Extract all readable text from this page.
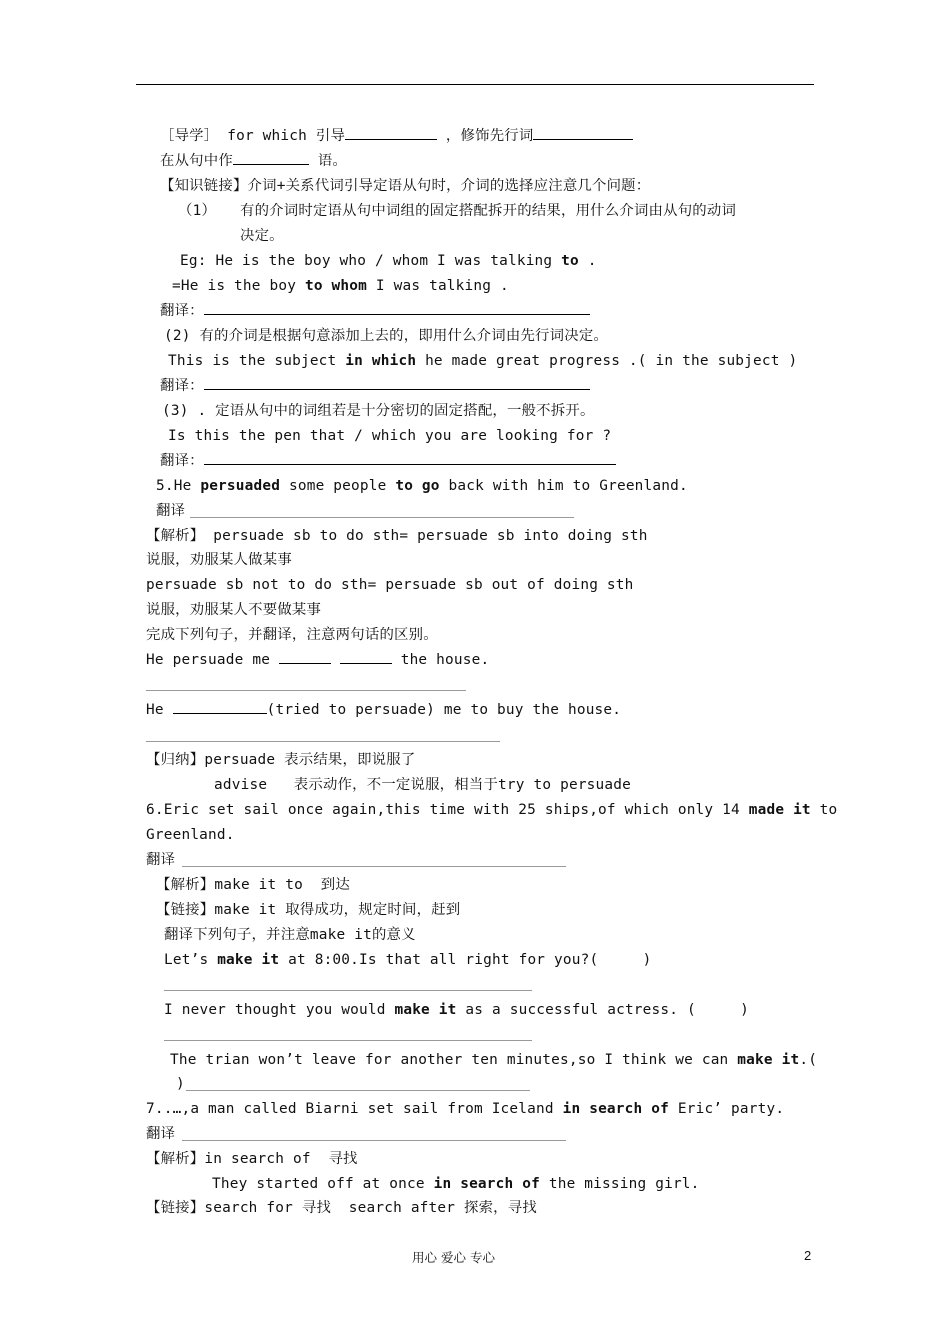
［导学］ for which 引导	，修饰先行词
在从句中作	语。
【知识链接】介词+关系代词引导定语从句时，介词的选择应注意几个问题：
（1） 有的介词时定语从句中词组的固定搭配拆开的结果，用什么介词由从句的动词
决定。
Eg: He is the boy who / whom I was talking to .
=He is the boy to whom I was talking .
翻译：
(2) 有的介词是根据句意添加上去的，即用什么介词由先行词决定。
This is the subject in which he made great progress .( in the subject )
翻译：
(3) . 定语从句中的词组若是十分密切的固定搭配，一般不拆开。
Is this the pen that / which you are looking for ?
翻译：
5.He persuaded some people to go back with him to Greenland.
翻译
【解析】 persuade sb to do sth= persuade sb into doing sth
说服，劝服某人做某事
persuade sb not to do sth= persuade sb out of doing sth
说服，劝服某人不要做某事
完成下列句子，并翻译，注意两句话的区别。
He persuade me	the house.
He	(tried to persuade) me to buy the house.
【归纳】persuade 表示结果，即说服了
advise   表示动作，不一定说服，相当于try to persuade
6.Eric set sail once again,this time with 25 ships,of which only 14 made it to
Greenland.
翻译
【解析】make it to  到达
【链接】make it 取得成功，规定时间，赶到
翻译下列句子，并注意make it的意义
Let’s make it at 8:00.Is that all right for you?(     )
I never thought you would make it as a successful actress. (     )
The trian won’t leave for another ten minutes,so I think we can make it.(
)
7..…,a man called Biarni set sail from Iceland in search of Eric’ party.
翻译
【解析】in search of  寻找
They started off at once in search of the missing girl.
【链接】search for 寻找  search after 探索，寻找
用心 爱心 专心	2
